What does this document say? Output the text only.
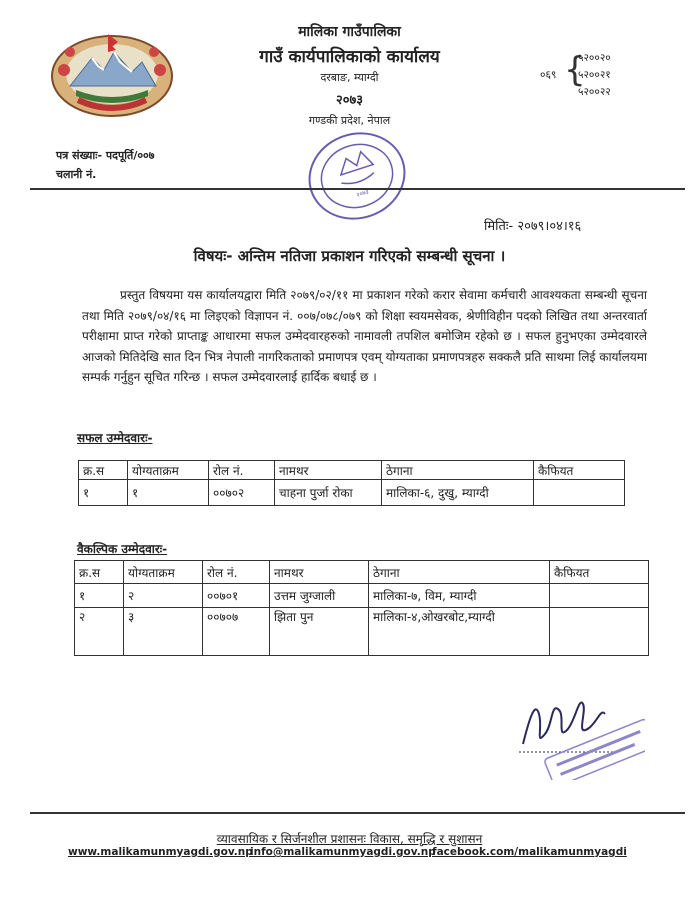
मालिका गाउँपालिका
गाउँ कार्यपालिकाको कार्यालय
दरबाङ, म्याग्दी
२०७३
गण्डकी प्रदेश, नेपाल
०६९ {
५२००२०
५२००२१
५२००२२
पत्र संख्याः- पदपूर्ति/००७
चलानी नं.
२०७३
मितिः- २०७९।०४।१६
विषयः- अन्तिम नतिजा प्रकाशन गरिएको सम्बन्धी सूचना ।
प्रस्तुत विषयमा यस कार्यालयद्वारा मिति २०७९/०२/११ मा प्रकाशन गरेको करार सेवामा कर्मचारी आवश्यकता सम्बन्धी सूचना तथा मिति २०७९/०४/१६ मा लिइएको विज्ञापन नं. ००७/०७८/०७९ को शिक्षा स्वयमसेवक, श्रेणीविहीन पदको लिखित तथा अन्तरवार्ता परीक्षामा प्राप्त गरेको प्राप्ताङ्क आधारमा सफल उम्मेदवारहरुको नामावली तपशिल बमोजिम रहेको छ । सफल हुनुभएका उम्मेदवारले आजको मितिदेखि सात दिन भित्र नेपाली नागरिकताको प्रमाणपत्र एवम् योग्यताका प्रमाणपत्रहरु सक्कलै प्रति साथमा लिई कार्यालयमा सम्पर्क गर्नुहुन सूचित गरिन्छ । सफल उम्मेदवारलाई हार्दिक बधाई छ ।
सफल उम्मेदवारः-
क्र.स	योग्यताक्रम	रोल नं.	नामथर	ठेगाना	कैफियत
१	१	००७०२	चाहना पुर्जा रोका	मालिका-६, दुखु, म्याग्दी	
वैकल्पिक उम्मेदवारः-
क्र.स	योग्यताक्रम	रोल नं.	नामथर	ठेगाना	कैफियत
१	२	००७०१	उत्तम जुग्जाली	मालिका-७, विम, म्याग्दी	
२	३	००७०७	झिता पुन	मालिका-४,ओखरबोट,म्याग्दी	
व्यावसायिक र सिर्जनशील प्रशासनः विकास, समृद्धि र सुशासन
www.malikamunmyagdi.gov.np
info@malikamunmyagdi.gov.np
facebook.com/malikamunmyagdi
